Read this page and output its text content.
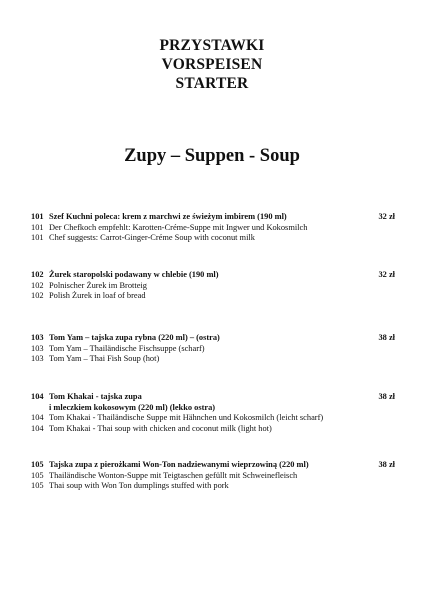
PRZYSTAWKI
VORSPEISEN
STARTER
Zupy – Suppen - Soup
101 Szef Kuchni poleca: krem z marchwi ze świeżym imbirem (190 ml)	32 zł
101 Der Chefkoch empfehlt: Karotten-Créme-Suppe mit Ingwer und Kokosmilch
101 Chef suggests: Carrot-Ginger-Créme Soup with coconut milk
102 Żurek staropolski podawany w chlebie (190 ml)	32 zł
102 Polnischer Żurek im Brotteig
102 Polish Żurek in loaf of bread
103 Tom Yam – tajska zupa rybna (220 ml) – (ostra)	38 zł
103 Tom Yam – Thailändische Fischsuppe (scharf)
103 Tom Yam – Thai Fish Soup (hot)
104 Tom Khakai - tajska zupa	38 zł
i mleczkiem kokosowym (220 ml) (lekko ostra)
104 Tom Khakai - Thailändische Suppe mit Hähnchen und Kokosmilch (leicht scharf)
104 Tom Khakai - Thai soup with chicken and coconut milk (light hot)
105 Tajska zupa z pierożkami Won-Ton nadziewanymi wieprzowiną (220 ml)	38 zł
105 Thailändische Wonton-Suppe mit Teigtaschen gefüllt mit Schweinefleisch
105 Thai soup with Won Ton dumplings stuffed with pork
